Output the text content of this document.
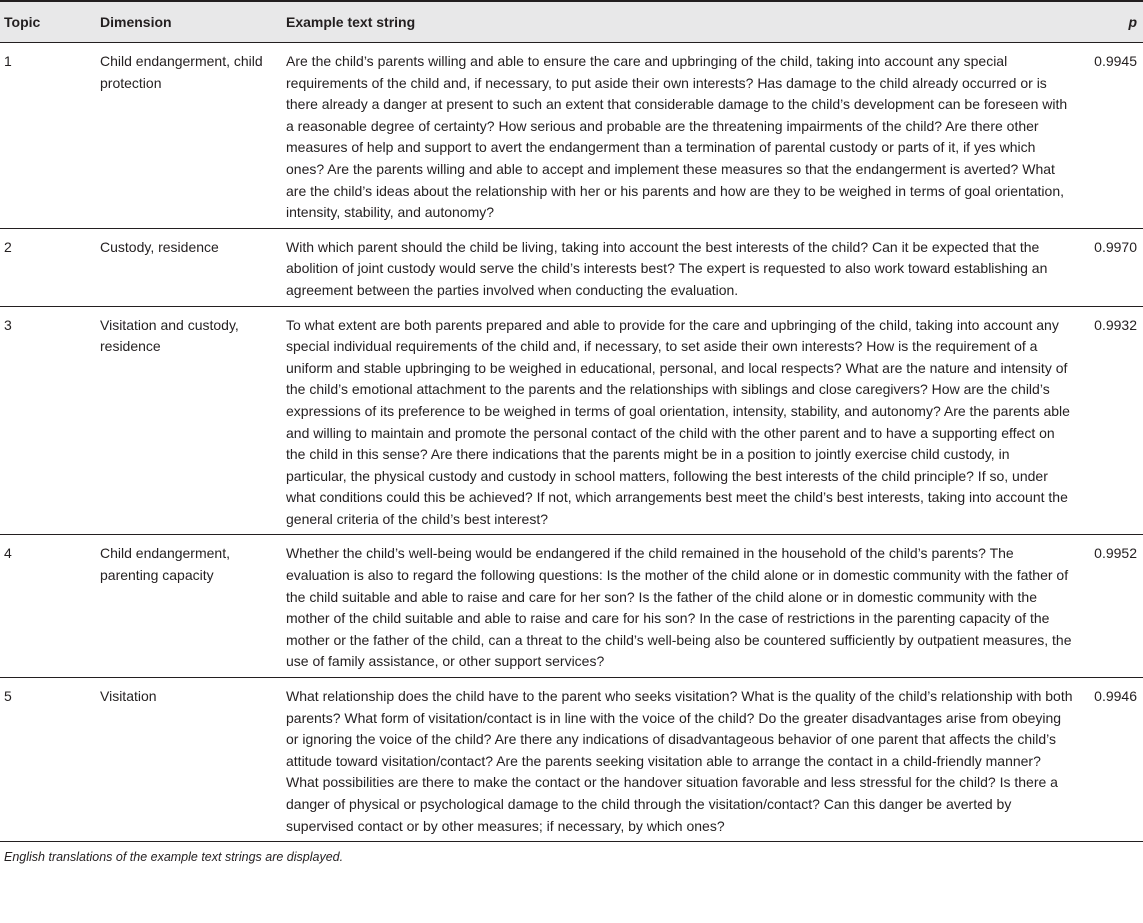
Topic	Dimension	Example text string	p
1	Child endangerment, child protection	Are the child’s parents willing and able to ensure the care and upbringing of the child, taking into account any special requirements of the child and, if necessary, to put aside their own interests? Has damage to the child already occurred or is there already a danger at present to such an extent that considerable damage to the child’s development can be foreseen with a reasonable degree of certainty? How serious and probable are the threatening impairments of the child? Are there other measures of help and support to avert the endangerment than a termination of parental custody or parts of it, if yes which ones? Are the parents willing and able to accept and implement these measures so that the endangerment is averted? What are the child’s ideas about the relationship with her or his parents and how are they to be weighed in terms of goal orientation, intensity, stability, and autonomy?	0.9945
2	Custody, residence	With which parent should the child be living, taking into account the best interests of the child? Can it be expected that the abolition of joint custody would serve the child’s interests best? The expert is requested to also work toward establishing an agreement between the parties involved when conducting the evaluation.	0.9970
3	Visitation and custody, residence	To what extent are both parents prepared and able to provide for the care and upbringing of the child, taking into account any special individual requirements of the child and, if necessary, to set aside their own interests? How is the requirement of a uniform and stable upbringing to be weighed in educational, personal, and local respects? What are the nature and intensity of the child’s emotional attachment to the parents and the relationships with siblings and close caregivers? How are the child’s expressions of its preference to be weighed in terms of goal orientation, intensity, stability, and autonomy? Are the parents able and willing to maintain and promote the personal contact of the child with the other parent and to have a supporting effect on the child in this sense? Are there indications that the parents might be in a position to jointly exercise child custody, in particular, the physical custody and custody in school matters, following the best interests of the child principle? If so, under what conditions could this be achieved? If not, which arrangements best meet the child’s best interests, taking into account the general criteria of the child’s best interest?	0.9932
4	Child endangerment, parenting capacity	Whether the child’s well-being would be endangered if the child remained in the household of the child’s parents? The evaluation is also to regard the following questions: Is the mother of the child alone or in domestic community with the father of the child suitable and able to raise and care for her son? Is the father of the child alone or in domestic community with the mother of the child suitable and able to raise and care for his son? In the case of restrictions in the parenting capacity of the mother or the father of the child, can a threat to the child’s well-being also be countered sufficiently by outpatient measures, the use of family assistance, or other support services?	0.9952
5	Visitation	What relationship does the child have to the parent who seeks visitation? What is the quality of the child’s relationship with both parents? What form of visitation/contact is in line with the voice of the child? Do the greater disadvantages arise from obeying or ignoring the voice of the child? Are there any indications of disadvantageous behavior of one parent that affects the child’s attitude toward visitation/contact? Are the parents seeking visitation able to arrange the contact in a child-friendly manner? What possibilities are there to make the contact or the handover situation favorable and less stressful for the child? Is there a danger of physical or psychological damage to the child through the visitation/contact? Can this danger be averted by supervised contact or by other measures; if necessary, by which ones?	0.9946
English translations of the example text strings are displayed.
